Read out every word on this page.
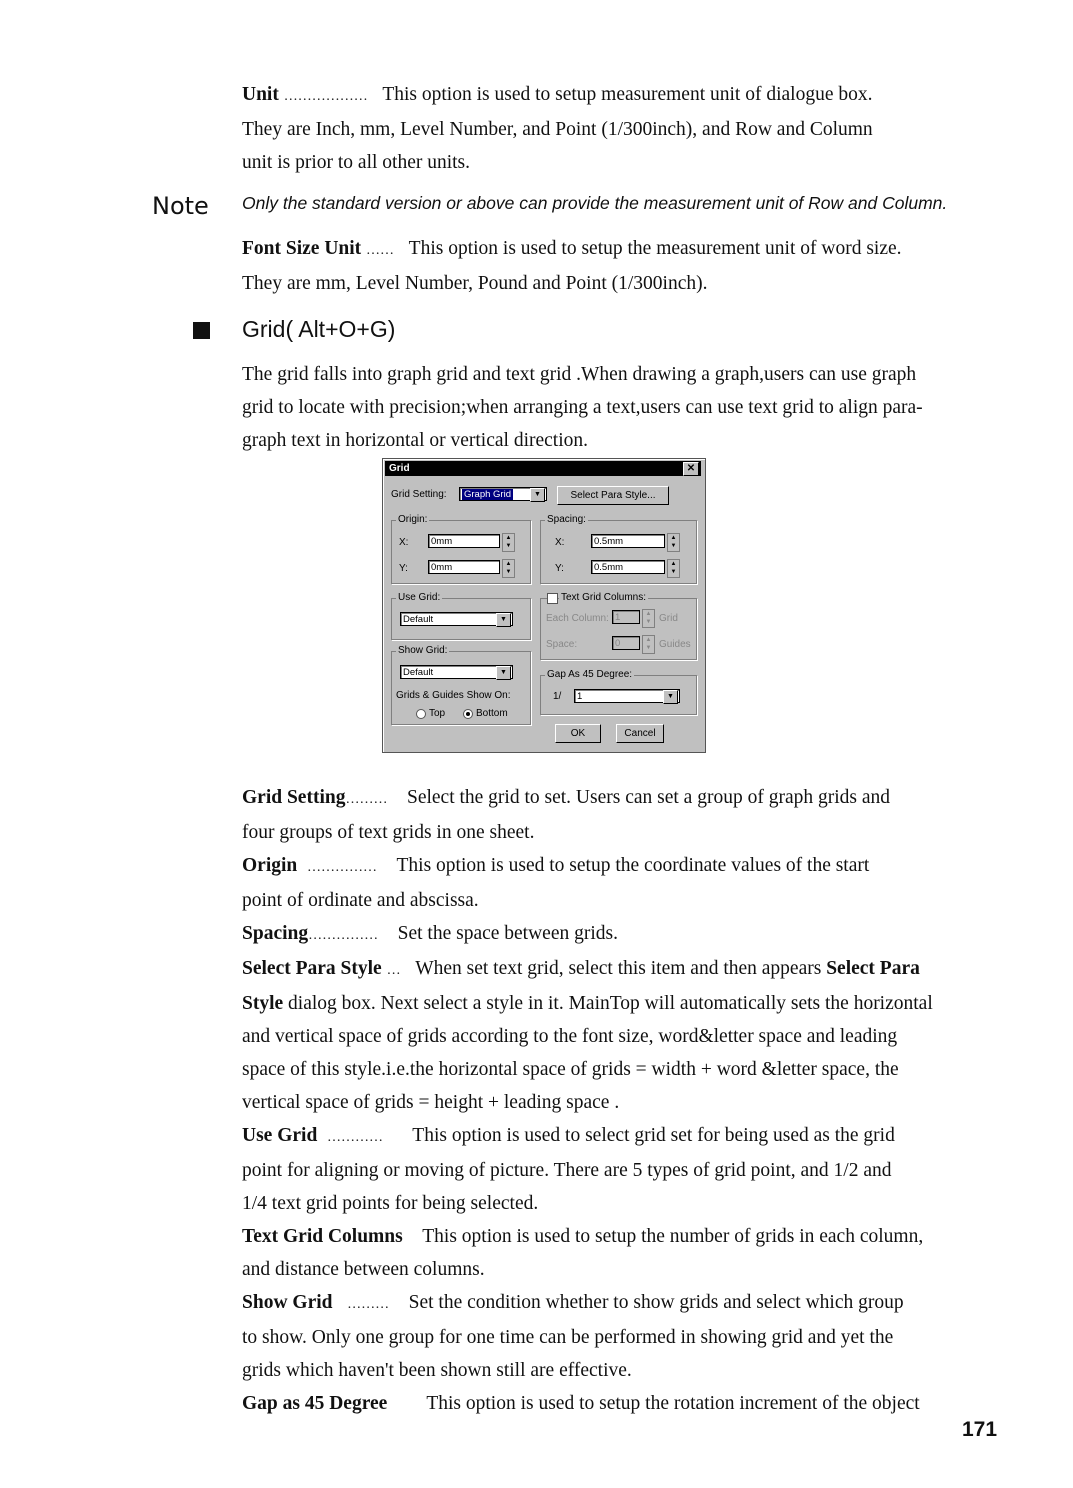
Unit ……………… This option is used to setup measurement unit of dialogue box.

They are Inch, mm, Level Number, and Point (1/300inch), and Row and Column

unit is prior to all other units.

Note Only the standard version or above can provide the measurement unit of Row and Column.

Font Size Unit …… This option is used to setup the measurement unit of word size.

They are mm, Level Number, Pound and Point (1/300inch).

Grid( Alt+O+G)

The grid falls into graph grid and text grid .When drawing a graph,users can use graph

grid to locate with precision;when arranging a text,users can use text grid to align para-

graph text in horizontal or vertical direction.

Grid	✕
Grid Setting:	Graph Grid	▼	Select Para Style...
Origin:
X:	0mm	▲
▼
Y:	0mm	▲
▼
Spacing:
X:	0.5mm	▲
▼
Y:	0.5mm	▲
▼
Use Grid:
Default	▼
Text Grid Columns:
Each Column: 1	▲
▼ Grid
Space:	0	▲
▼ Guides
Show Grid:
Default	▼
Grids & Guides Show On:
Top	Bottom
Gap As 45 Degree:
1/	1	▼
OK	Cancel

Grid Setting……… Select the grid to set. Users can set a group of graph grids and

four groups of text grids in one sheet.

Origin …………… This option is used to setup the coordinate values of the start

point of ordinate and abscissa.

Spacing…………… Set the space between grids.

Select Para Style … When set text grid, select this item and then appears Select Para

Style dialog box. Next select a style in it. MainTop will automatically sets the horizontal

and vertical space of grids according to the font size, word&letter space and leading

space of this style.i.e.the horizontal space of grids = width + word &letter space, the

vertical space of grids = height + leading space .

Use Grid ………… This option is used to select grid set for being used as the grid

point for aligning or moving of picture. There are 5 types of grid point, and 1/2 and

1/4 text grid points for being selected.

Text Grid Columns This option is used to setup the number of grids in each column,

and distance between columns.

Show Grid ……… Set the condition whether to show grids and select which group

to show. Only one group for one time can be performed in showing grid and yet the

grids which haven't been shown still are effective.

Gap as 45 Degree This option is used to setup the rotation increment of the object

171
